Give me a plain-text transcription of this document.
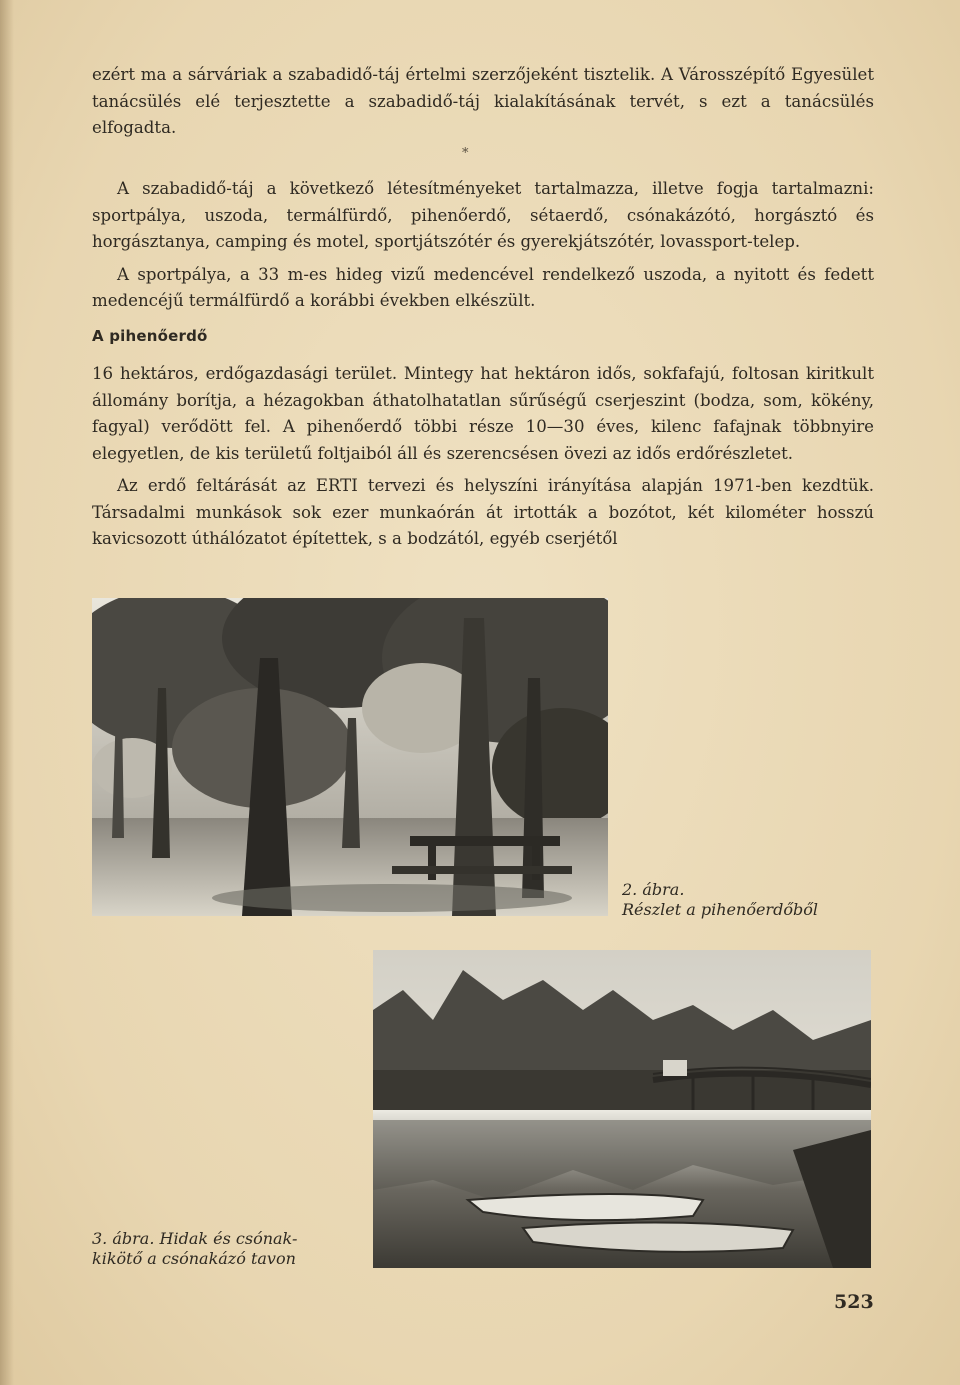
ezért ma a sárváriak a szabadidő-táj értelmi szerzőjeként tisztelik. A Városszépítő Egyesület tanácsülés elé terjesztette a szabadidő-táj kialakításának tervét, s ezt a tanácsülés elfogadta.

*

A szabadidő-táj a következő létesítményeket tartalmazza, illetve fogja tartalmazni: sportpálya, uszoda, termálfürdő, pihenőerdő, sétaerdő, csónakázótó, horgásztó és horgásztanya, camping és motel, sportjátszótér és gyerekjátszótér, lovassport-telep.

A sportpálya, a 33 m-es hideg vizű medencével rendelkező uszoda, a nyitott és fedett medencéjű termálfürdő a korábbi években elkészült.

A pihenőerdő

16 hektáros, erdőgazdasági terület. Mintegy hat hektáron idős, sokfafajú, foltosan kiritkult állomány borítja, a hézagokban áthatolhatatlan sűrűségű cserjeszint (bodza, som, kökény, fagyal) verődött fel. A pihenőerdő többi része 10—30 éves, kilenc fafajnak többnyire elegyetlen, de kis területű foltjaiból áll és szerencsésen övezi az idős erdőrészletet.

Az erdő feltárását az ERTI tervezi és helyszíni irányítása alapján 1971-ben kezdtük. Társadalmi munkások sok ezer munkaórán át irtották a bozótot, két kilométer hosszú kavicsozott úthálózatot építettek, s a bodzától, egyéb cserjétől

2. ábra.
Részlet a pihenőerdőből
3. ábra. Hidak és csónak-
kikötő a csónakázó tavon
523
